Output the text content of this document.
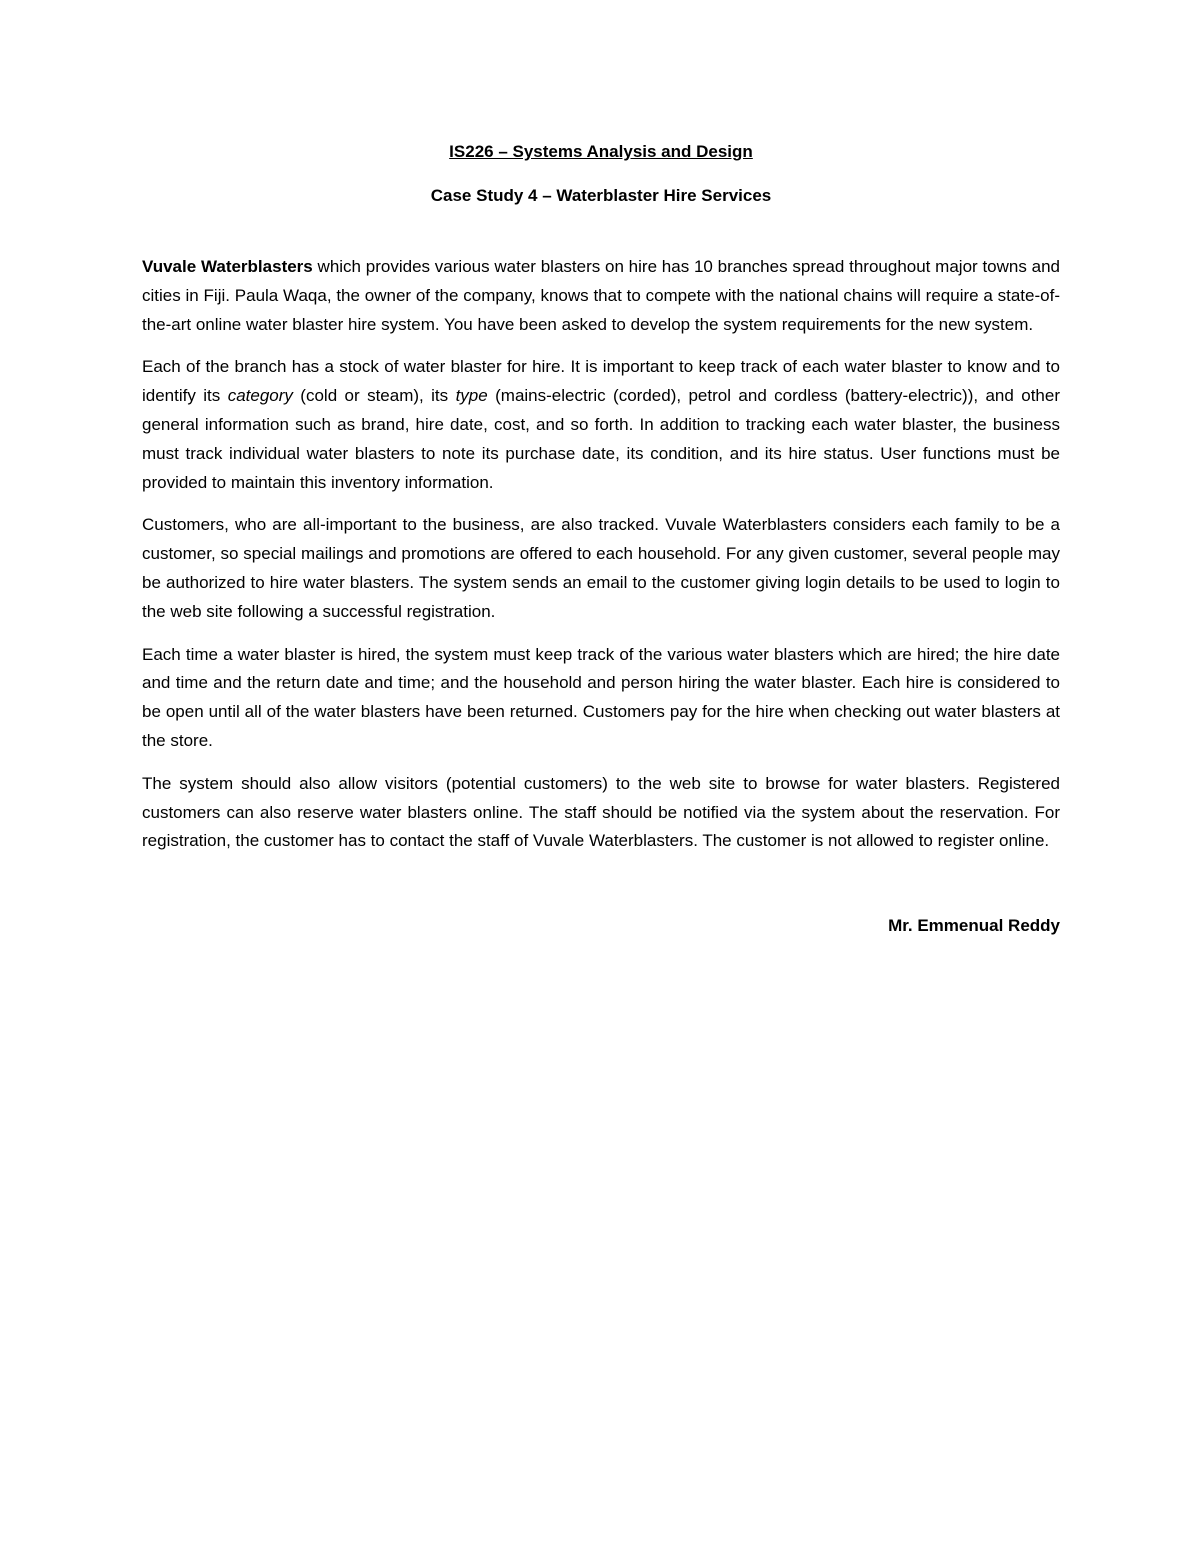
IS226 – Systems Analysis and Design

Case Study 4 – Waterblaster Hire Services

Vuvale Waterblasters which provides various water blasters on hire has 10 branches spread throughout major towns and cities in Fiji. Paula Waqa, the owner of the company, knows that to compete with the national chains will require a state-of-the-art online water blaster hire system. You have been asked to develop the system requirements for the new system.

Each of the branch has a stock of water blaster for hire. It is important to keep track of each water blaster to know and to identify its category (cold or steam), its type (mains-electric (corded), petrol and cordless (battery-electric)), and other general information such as brand, hire date, cost, and so forth. In addition to tracking each water blaster, the business must track individual water blasters to note its purchase date, its condition, and its hire status. User functions must be provided to maintain this inventory information.

Customers, who are all-important to the business, are also tracked. Vuvale Waterblasters considers each family to be a customer, so special mailings and promotions are offered to each household. For any given customer, several people may be authorized to hire water blasters. The system sends an email to the customer giving login details to be used to login to the web site following a successful registration.

Each time a water blaster is hired, the system must keep track of the various water blasters which are hired; the hire date and time and the return date and time; and the household and person hiring the water blaster. Each hire is considered to be open until all of the water blasters have been returned. Customers pay for the hire when checking out water blasters at the store.

The system should also allow visitors (potential customers) to the web site to browse for water blasters. Registered customers can also reserve water blasters online. The staff should be notified via the system about the reservation. For registration, the customer has to contact the staff of Vuvale Waterblasters. The customer is not allowed to register online.

Mr. Emmenual Reddy
